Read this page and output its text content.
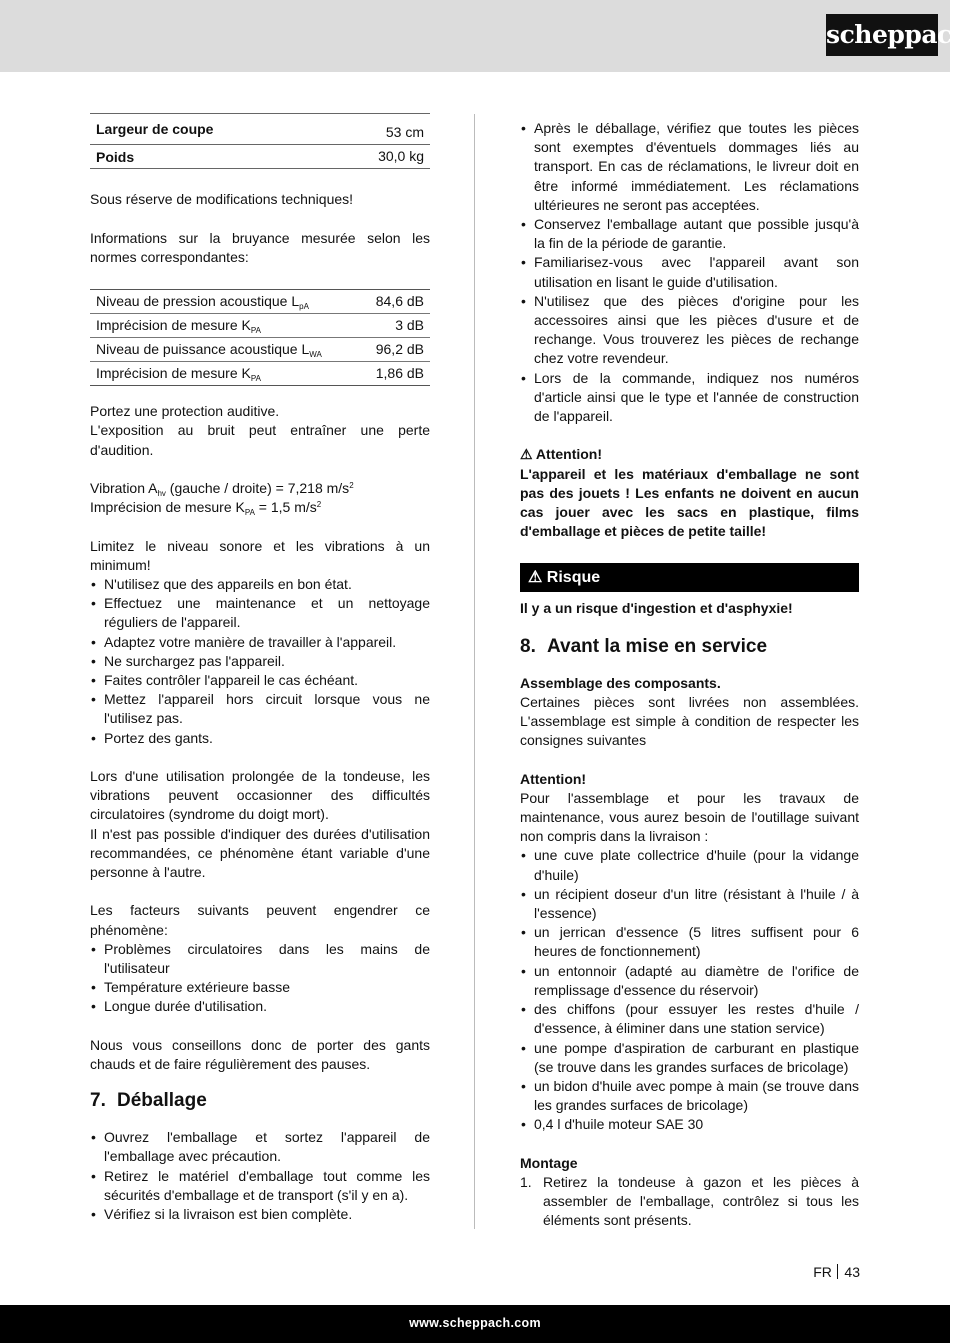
scheppach
Largeur de coupe	53 cm
Poids	30,0 kg

Sous réserve de modifications techniques!

Informations sur la bruyance mesurée selon les normes correspondantes:

Niveau de pression acoustique $L_{pA}$	84,6 dB
Imprécision de mesure $K_{PA}$	3 dB
Niveau de puissance acoustique $L_{WA}$	96,2 dB
Imprécision de mesure $K_{PA}$	1,86 dB

Portez une protection auditive.

L'exposition au bruit peut entraîner une perte d'audition.

Vibration $A_{hv}$ (gauche / droite) = 7,218 $m/s^2$

Imprécision de mesure $K_{PA} = 1,5$ $m/s^2$

Limitez le niveau sonore et les vibrations à un minimum!

• N'utilisez que des appareils en bon état.
• Effectuez une maintenance et un nettoyage réguliers de l'appareil.
• Adaptez votre manière de travailler à l'appareil.
• Ne surchargez pas l'appareil.
• Faites contrôler l'appareil le cas échéant.
• Mettez l'appareil hors circuit lorsque vous ne l'utilisez pas.
• Portez des gants.

Lors d'une utilisation prolongée de la tondeuse, les vibrations peuvent occasionner des difficultés circulatoires (syndrome du doigt mort).

Il n'est pas possible d'indiquer des durées d'utilisation recommandées, ce phénomène étant variable d'une personne à l'autre.

Les facteurs suivants peuvent engendrer ce phénomène:

• Problèmes circulatoires dans les mains de l'utilisateur
• Température extérieure basse
• Longue durée d'utilisation.

Nous vous conseillons donc de porter des gants chauds et de faire régulièrement des pauses.

7. Déballage
• Ouvrez l'emballage et sortez l'appareil de l'emballage avec précaution.
• Retirez le matériel d'emballage tout comme les sécurités d'emballage et de transport (s'il y en a).
• Vérifiez si la livraison est bien complète.
• Après le déballage, vérifiez que toutes les pièces sont exemptes d'éventuels dommages liés au transport. En cas de réclamations, le livreur doit en être informé immédiatement. Les réclamations ultérieures ne seront pas acceptées.
• Conservez l'emballage autant que possible jusqu'à la fin de la période de garantie.
• Familiarisez-vous avec l'appareil avant son utilisation en lisant le guide d'utilisation.
• N'utilisez que des pièces d'origine pour les accessoires ainsi que les pièces d'usure et de rechange. Vous trouverez les pièces de rechange chez votre revendeur.
• Lors de la commande, indiquez nos numéros d'article ainsi que le type et l'année de construction de l'appareil.

⚠ Attention!

L'appareil et les matériaux d'emballage ne sont pas des jouets ! Les enfants ne doivent en aucun cas jouer avec les sacs en plastique, films d'emballage et pièces de petite taille!

⚠ Risque

Il y a un risque d'ingestion et d'asphyxie!

8. Avant la mise en service

Assemblage des composants.

Certaines pièces sont livrées non assemblées. L'assemblage est simple à condition de respecter les consignes suivantes

Attention!

Pour l'assemblage et pour les travaux de maintenance, vous aurez besoin de l'outillage suivant non compris dans la livraison :

• une cuve plate collectrice d'huile (pour la vidange d'huile)
• un récipient doseur d'un litre (résistant à l'huile / à l'essence)
• un jerrican d'essence (5 litres suffisent pour 6 heures de fonctionnement)
• un entonnoir (adapté au diamètre de l'orifice de remplissage d'essence du réservoir)
• des chiffons (pour essuyer les restes d'huile / d'essence, à éliminer dans une station service)
• une pompe d'aspiration de carburant en plastique (se trouve dans les grandes surfaces de bricolage)
• un bidon d'huile avec pompe à main (se trouve dans les grandes surfaces de bricolage)
• 0,4 l d'huile moteur SAE 30

Montage

1. Retirez la tondeuse à gazon et les pièces à assembler de l'emballage, contrôlez si tous les éléments sont présents.
FR 43
www.scheppach.com
